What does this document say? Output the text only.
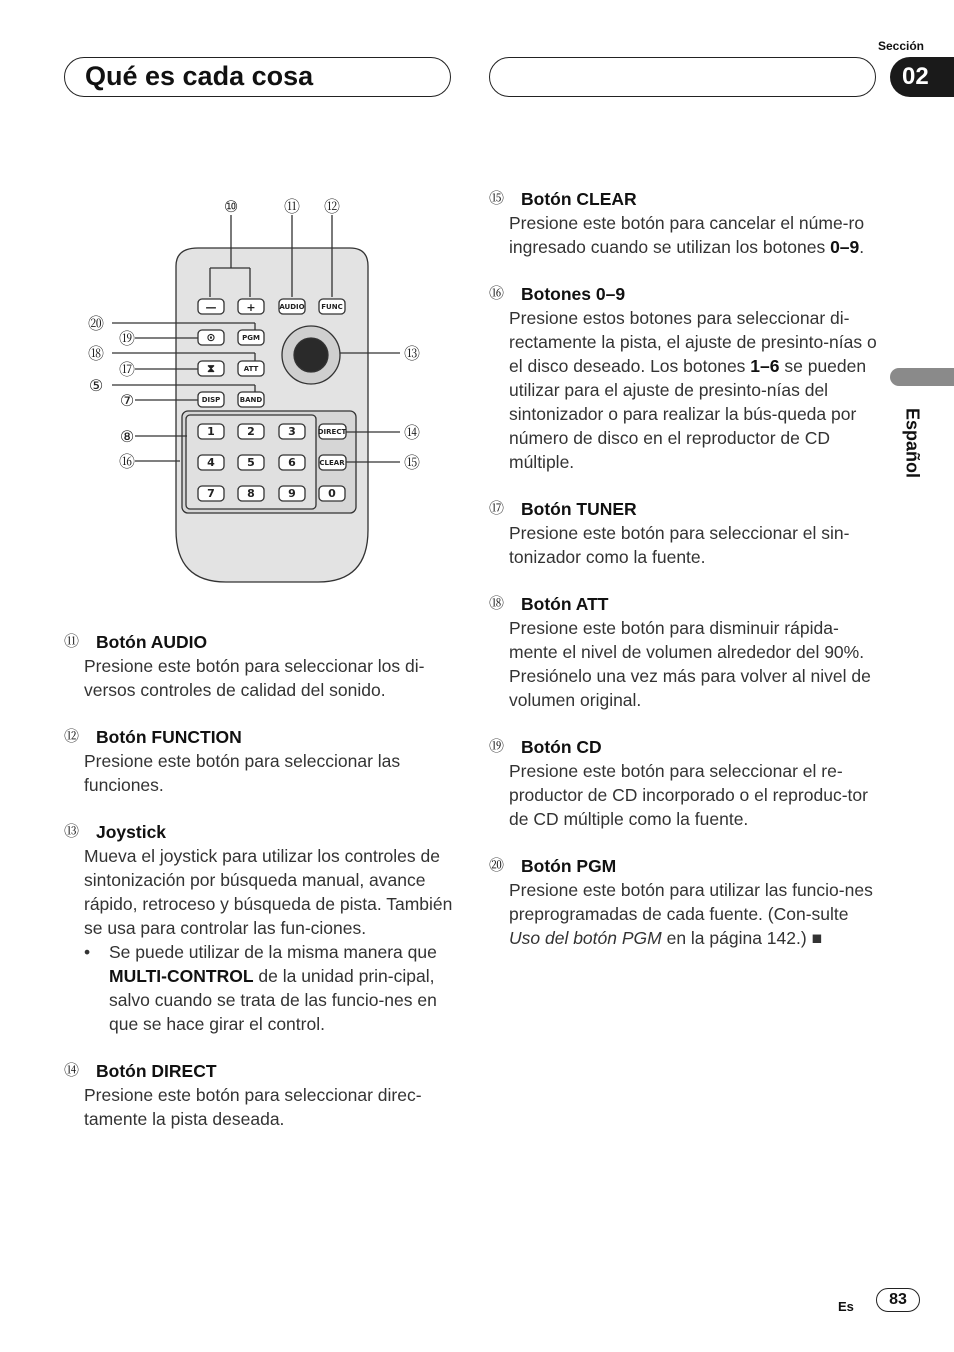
Qué es cada cosa
Sección
02
Español
—	+	AUDIO FUNC
⊙	PGM
⧗	ATT
DISP	BAND
DIRECT
CLEAR
1	2	3
4	5	6
7	8	9	0
⑩	⑪ ⑫
⑬
⑭
⑮
⑯
⑧
⑦
⑤
⑰
⑱
⑲
⑳
⑪ Botón AUDIO

Presione este botón para seleccionar los di-versos controles de calidad del sonido.

⑫ Botón FUNCTION

Presione este botón para seleccionar las funciones.

⑬ Joystick

Mueva el joystick para utilizar los controles de sintonización por búsqueda manual, avance rápido, retroceso y búsqueda de pista. También se usa para controlar las fun-ciones.

•	Se puede utilizar de la misma manera que MULTI-CONTROL de la unidad prin-cipal, salvo cuando se trata de las funcio-nes en que se hace girar el control.
⑭ Botón DIRECT

Presione este botón para seleccionar direc-tamente la pista deseada.

⑮ Botón CLEAR

Presione este botón para cancelar el núme-ro ingresado cuando se utilizan los botones 0–9.

⑯ Botones 0–9

Presione estos botones para seleccionar di-rectamente la pista, el ajuste de presinto-nías o el disco deseado. Los botones 1–6 se pueden utilizar para el ajuste de presinto-nías del sintonizador o para realizar la bús-queda por número de disco en el reproductor de CD múltiple.

⑰ Botón TUNER

Presione este botón para seleccionar el sin-tonizador como la fuente.

⑱ Botón ATT

Presione este botón para disminuir rápida-mente el nivel de volumen alrededor del 90%. Presiónelo una vez más para volver al nivel de volumen original.

⑲ Botón CD

Presione este botón para seleccionar el re-productor de CD incorporado o el reproduc-tor de CD múltiple como la fuente.

⑳ Botón PGM

Presione este botón para utilizar las funcio-nes preprogramadas de cada fuente. (Con-sulte Uso del botón PGM en la página 142.) ■

Es	83
